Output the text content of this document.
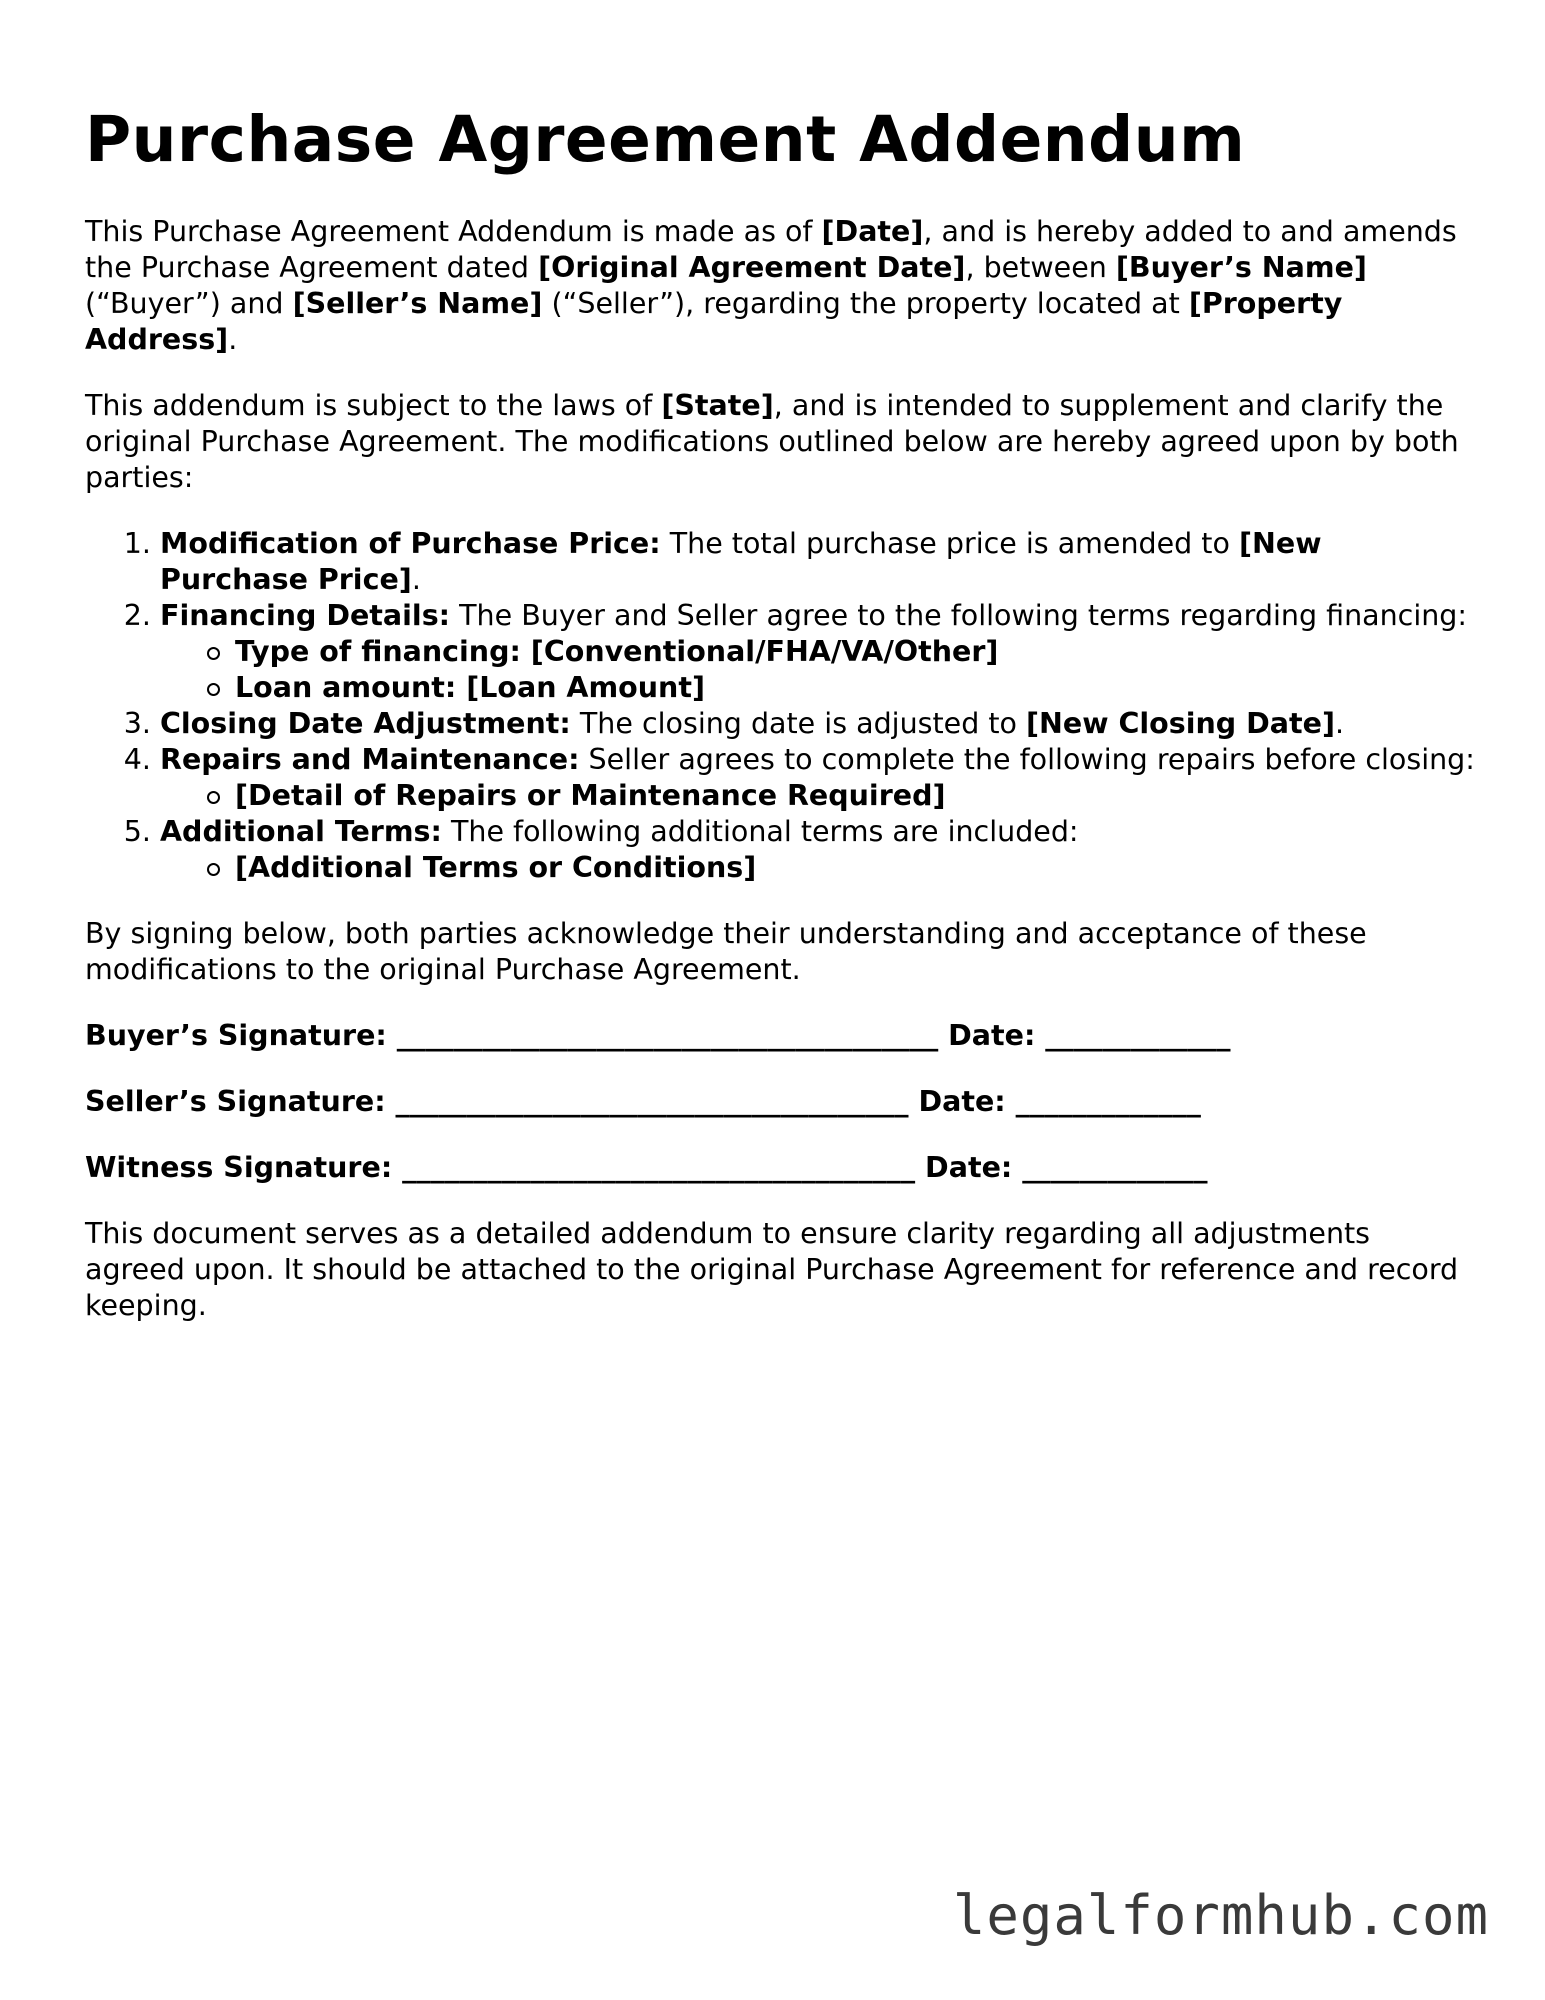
Purchase Agreement Addendum

This Purchase Agreement Addendum is made as of [Date], and is hereby added to and amends the Purchase Agreement dated [Original Agreement Date], between [Buyer’s Name] (“Buyer”) and [Seller’s Name] (“Seller”), regarding the property located at [Property Address].

This addendum is subject to the laws of [State], and is intended to supplement and clarify the original Purchase Agreement. The modifications outlined below are hereby agreed upon by both parties:

1. Modification of Purchase Price: The total purchase price is amended to [New Purchase Price].
2. Financing Details: The Buyer and Seller agree to the following terms regarding financing:
Type of financing: [Conventional/FHA/VA/Other]
Loan amount: [Loan Amount]
3. Closing Date Adjustment: The closing date is adjusted to [New Closing Date].
4. Repairs and Maintenance: Seller agrees to complete the following repairs before closing:
[Detail of Repairs or Maintenance Required]
5. Additional Terms: The following additional terms are included:
[Additional Terms or Conditions]

By signing below, both parties acknowledge their understanding and acceptance of these modifications to the original Purchase Agreement.

Buyer’s Signature: ______________________________________ Date: _____________
Seller’s Signature: ____________________________________ Date: _____________
Witness Signature: ____________________________________ Date: _____________

This document serves as a detailed addendum to ensure clarity regarding all adjustments agreed upon. It should be attached to the original Purchase Agreement for reference and record keeping.

legalformhub.com
